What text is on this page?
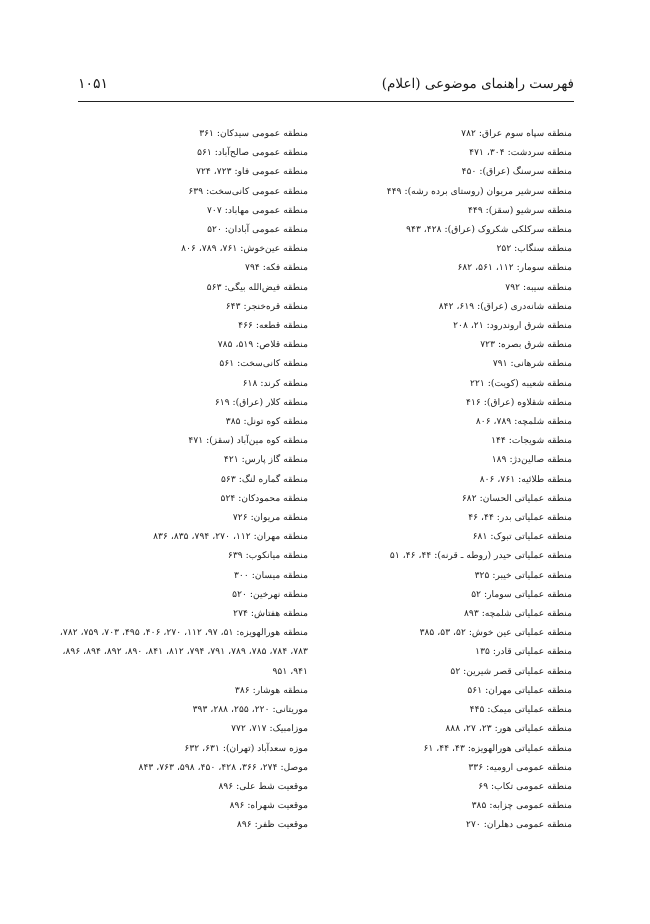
۱۰۵۱	فهرست راهنمای موضوعی (اعلام)
منطقه سپاه سوم عراق: ۷۸۲
منطقه سردشت: ۳۰۴، ۴۷۱
منطقه سرسنگ (عراق): ۴۵۰
منطقه سرشیر مریوان (روستای برده رشه): ۴۴۹
منطقه سرشیو (سقز): ۴۴۹
منطقه سرکلکی شکروک (عراق): ۴۲۸، ۹۴۳
منطقه سنگاب: ۲۵۲
منطقه سومار: ۱۱۲، ۵۶۱، ۶۸۲
منطقه سیبه: ۷۹۲
منطقه شانه‌دری (عراق): ۶۱۹، ۸۴۲
منطقه شرق اروندرود: ۲۱، ۲۰۸
منطقه شرق بصره: ۷۲۳
منطقه شرهانی: ۷۹۱
منطقه شعیبه (کویت): ۲۲۱
منطقه شقلاوه (عراق): ۴۱۶
منطقه شلمچه: ۷۸۹، ۸۰۶
منطقه شویجات: ۱۴۴
منطقه صالین‌دژ: ۱۸۹
منطقه طلائیه: ۷۶۱، ۸۰۶
منطقه عملیاتی الحسان: ۶۸۲
منطقه عملیاتی بدر: ۴۴، ۴۶
منطقه عملیاتی تبوک: ۶۸۱
منطقه عملیاتی حیدر (روطه ـ قرنه): ۴۴، ۴۶، ۵۱
منطقه عملیاتی خیبر: ۳۲۵
منطقه عملیاتی سومار: ۵۲
منطقه عملیاتی شلمچه: ۸۹۳
منطقه عملیاتی عین خوش: ۵۲، ۵۳، ۳۸۵
منطقه عملیاتی قادر: ۱۳۵
منطقه عملیاتی قصر شیرین: ۵۲
منطقه عملیاتی مهران: ۵۶۱
منطقه عملیاتی میمک: ۴۴۵
منطقه عملیاتی هور: ۲۳، ۲۷، ۸۸۸
منطقه عملیاتی هورالهویزه: ۴۳، ۴۴، ۶۱
منطقه عمومی ارومیه: ۳۳۶
منطقه عمومی تکاب: ۶۹
منطقه عمومی چزابه: ۳۸۵
منطقه عمومی دهلران: ۲۷۰
منطقه عمومی سیدکان: ۳۶۱
منطقه عمومی صالح‌آباد: ۵۶۱
منطقه عمومی فاو: ۷۲۳، ۷۲۴
منطقه عمومی کانی‌سخت: ۶۳۹
منطقه عمومی مهاباد: ۷۰۷
منطقه عمومی آبادان: ۵۲۰
منطقه عین‌خوش: ۷۶۱، ۷۸۹، ۸۰۶
منطقه فکه: ۷۹۴
منطقه فیض‌الله بیگی: ۵۶۳
منطقه قره‌خنجر: ۶۴۳
منطقه قطعه: ۴۶۶
منطقه قلاص: ۵۱۹، ۷۸۵
منطقه کانی‌سخت: ۵۶۱
منطقه کرند: ۶۱۸
منطقه کلار (عراق): ۶۱۹
منطقه کوه تونل: ۳۸۵
منطقه کوه مین‌آباد (سقز): ۴۷۱
منطقه گاز پارس: ۴۲۱
منطقه گماره لنگ: ۵۶۳
منطقه محمودکان: ۵۲۴
منطقه مریوان: ۷۲۶
منطقه مهران: ۱۱۲، ۲۷۰، ۷۹۴، ۸۳۵، ۸۳۶
منطقه میانکوب: ۶۳۹
منطقه میسان: ۳۰۰
منطقه نهرخین: ۵۲۰
منطقه هفتاش: ۲۷۴
منطقه هورالهویزه: ۵۱، ۹۷، ۱۱۲، ۲۷۰، ۴۰۶، ۴۹۵، ۷۰۳، ۷۵۹، ۷۸۲، ۷۸۳، ۷۸۴، ۷۸۵، ۷۸۹، ۷۹۱، ۷۹۴، ۸۱۲، ۸۴۱، ۸۹۰، ۸۹۲، ۸۹۴، ۸۹۶، ۹۴۱، ۹۵۱
منطقه هوشار: ۳۸۶
موریتانی: ۲۲۰، ۲۵۵، ۲۸۸، ۳۹۳
موزامبیک: ۷۱۷، ۷۷۲
موزه سعدآباد (تهران): ۶۳۱، ۶۳۲
موصل: ۲۷۴، ۳۶۶، ۴۲۸، ۴۵۰، ۵۹۸، ۷۶۳، ۸۴۳
موقعیت شط علی: ۸۹۶
موقعیت شهراه: ۸۹۶
موقعیت ظفر: ۸۹۶
